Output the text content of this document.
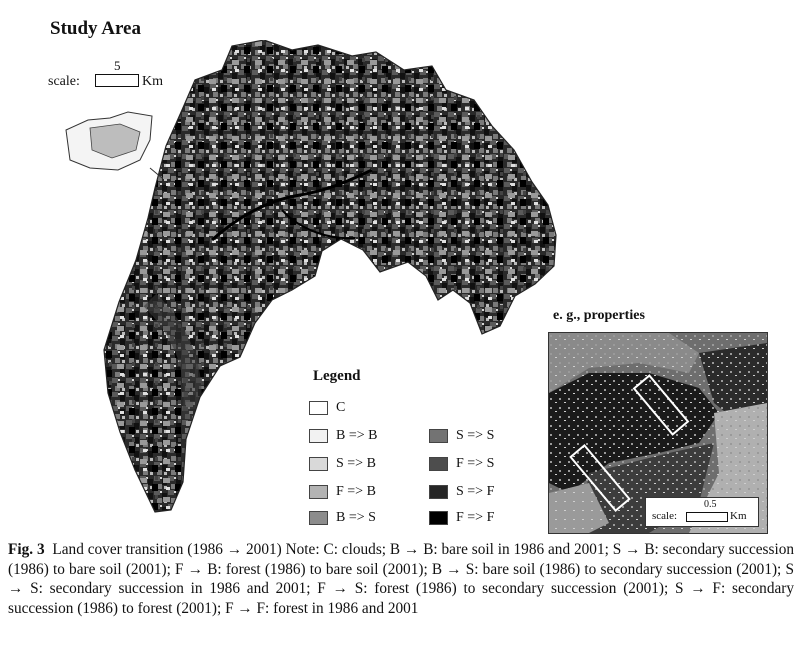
Study Area
5
scale:	Km
Legend
C
B => B
S => B
F => B
B => S
S => S
F => S
S => F
F => F
e. g., properties
0.5
scale:	Km
Fig. 3 Land cover transition (1986 → 2001) Note: C: clouds; B → B: bare soil in 1986 and 2001; S → B: secondary succession (1986) to bare soil (2001); F → B: forest (1986) to bare soil (2001); B → S: bare soil (1986) to secondary succession (2001); S → S: secondary succession in 1986 and 2001; F → S: forest (1986) to secondary succession (2001); S → F: secondary succession (1986) to forest (2001); F → F: forest in 1986 and 2001
